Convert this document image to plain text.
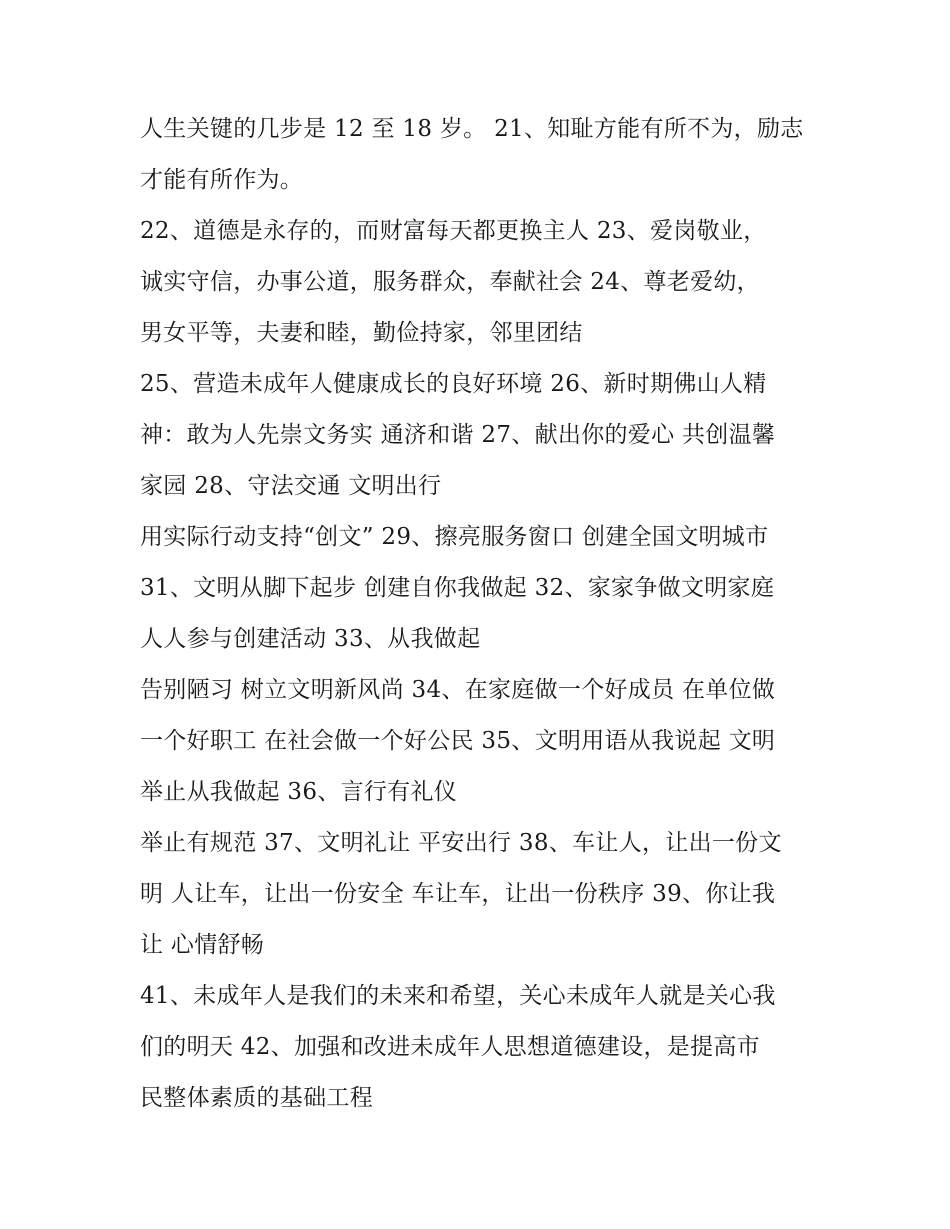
人生关键的几步是 12 至 18 岁。 21、知耻方能有所不为，励志
才能有所作为。
22、道德是永存的，而财富每天都更换主人 23、爱岗敬业，
诚实守信，办事公道，服务群众，奉献社会 24、尊老爱幼，
男女平等，夫妻和睦，勤俭持家，邻里团结
25、营造未成年人健康成长的良好环境 26、新时期佛山人精
神：敢为人先崇文务实 通济和谐 27、献出你的爱心 共创温馨
家园 28、守法交通 文明出行
用实际行动支持“创文” 29、擦亮服务窗口 创建全国文明城市
31、文明从脚下起步 创建自你我做起 32、家家争做文明家庭
人人参与创建活动 33、从我做起
告别陋习 树立文明新风尚 34、在家庭做一个好成员 在单位做
一个好职工 在社会做一个好公民 35、文明用语从我说起 文明
举止从我做起 36、言行有礼仪
举止有规范 37、文明礼让 平安出行 38、车让人，让出一份文
明 人让车，让出一份安全 车让车，让出一份秩序 39、你让我
让 心情舒畅
41、未成年人是我们的未来和希望，关心未成年人就是关心我
们的明天 42、加强和改进未成年人思想道德建设，是提高市
民整体素质的基础工程
